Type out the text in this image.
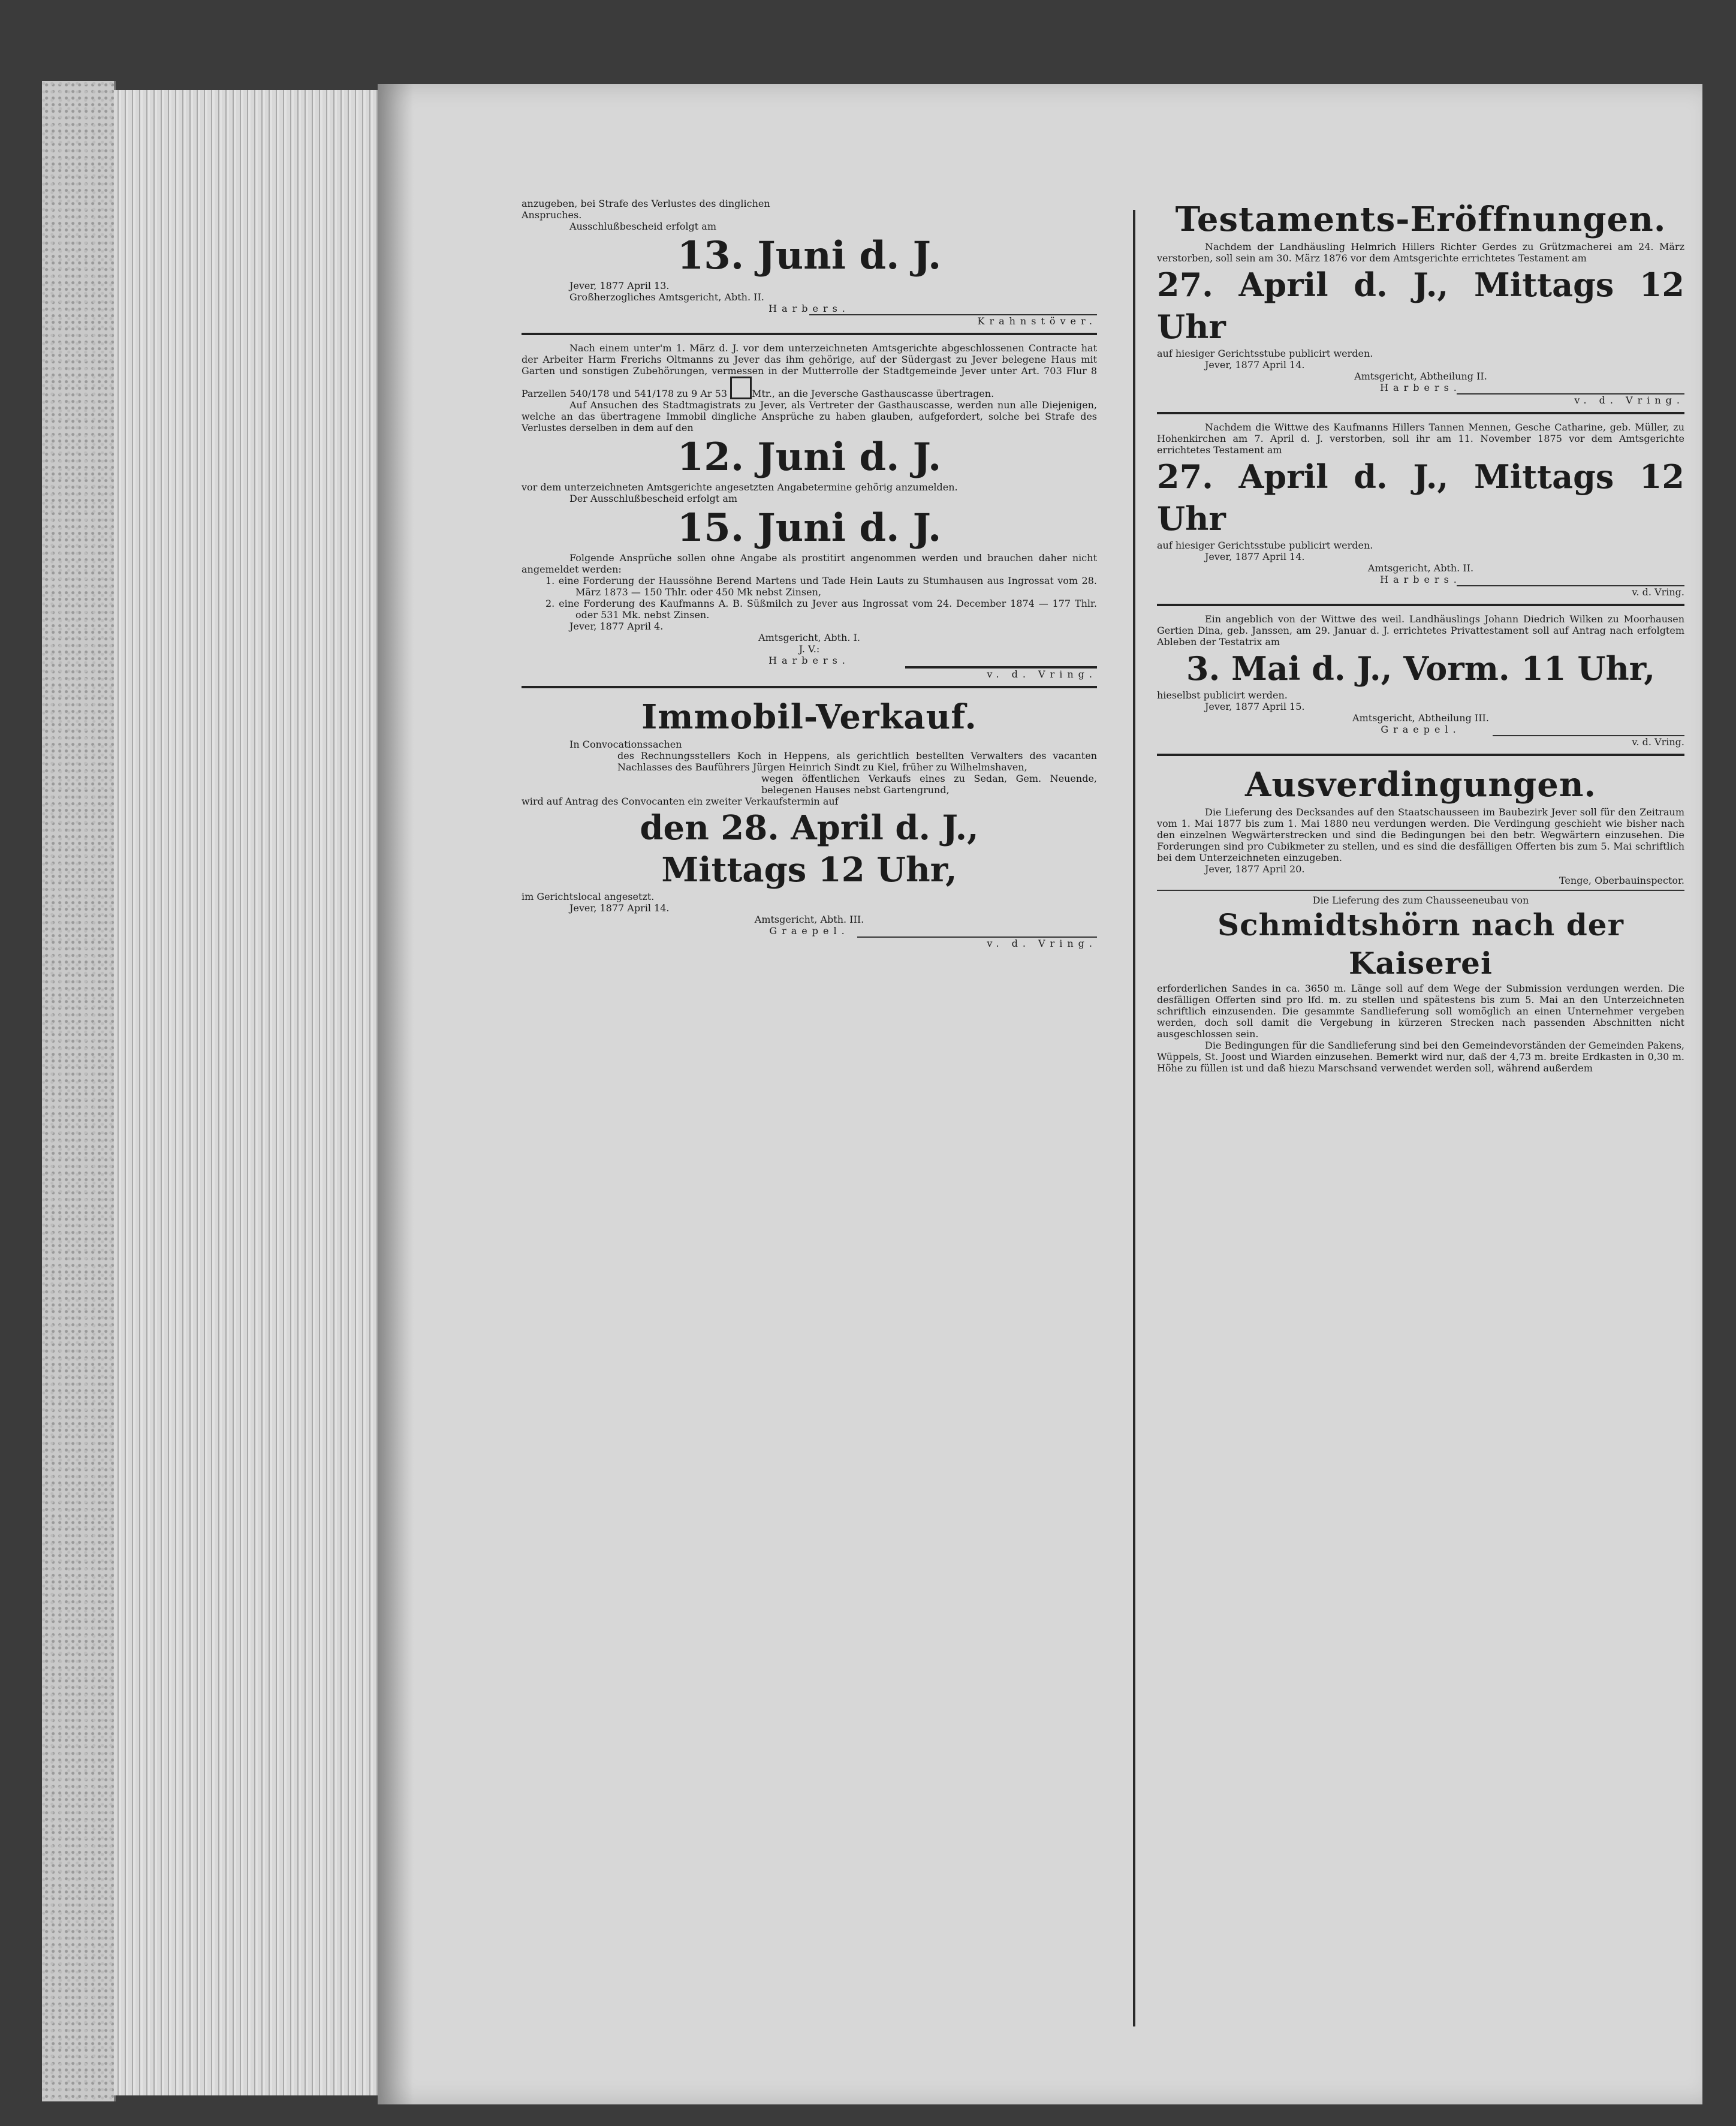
anzugeben, bei Strafe des Verlustes des dinglichen

Anspruches.

Ausschlußbescheid erfolgt am

13. Juni d. J.

Jever, 1877 April 13.

Großherzogliches Amtsgericht, Abth. II.

Harbers.

Krahnstöver.

Nach einem unter'm 1. März d. J. vor dem unterzeichneten Amtsgerichte abgeschlossenen Contracte hat der Arbeiter Harm Frerichs Oltmanns zu Jever das ihm gehörige, auf der Südergast zu Jever belegene Haus mit Garten und sonstigen Zubehörungen, vermessen in der Mutterrolle der Stadtgemeinde Jever unter Art. 703 Flur 8 Parzellen 540/178 und 541/178 zu 9 Ar 53	Mtr., an die Jeversche Gasthauscasse übertragen.

Auf Ansuchen des Stadtmagistrats zu Jever, als Vertreter der Gasthauscasse, werden nun alle Diejenigen, welche an das übertragene Immobil dingliche Ansprüche zu haben glauben, aufgefordert, solche bei Strafe des Verlustes derselben in dem auf den

12. Juni d. J.

vor dem unterzeichneten Amtsgerichte angesetzten Angabetermine gehörig anzumelden.

Der Ausschlußbescheid erfolgt am

15. Juni d. J.

Folgende Ansprüche sollen ohne Angabe als prostitirt angenommen werden und brauchen daher nicht angemeldet werden:

1. eine Forderung der Haussöhne Berend Martens und Tade Hein Lauts zu Stumhausen aus Ingrossat vom 28. März 1873 — 150 Thlr. oder 450 Mk nebst Zinsen,

2. eine Forderung des Kaufmanns A. B. Süßmilch zu Jever aus Ingrossat vom 24. December 1874 — 177 Thlr. oder 531 Mk. nebst Zinsen.

Jever, 1877 April 4.

Amtsgericht, Abth. I.

J. V.:

Harbers.

v. d. Vring.

Immobil-Verkauf.

In Convocationssachen

des Rechnungsstellers Koch in Heppens, als gerichtlich bestellten Verwalters des vacanten Nachlasses des Bauführers Jürgen Heinrich Sindt zu Kiel, früher zu Wilhelmshaven,

wegen öffentlichen Verkaufs eines zu Sedan, Gem. Neuende, belegenen Hauses nebst Gartengrund,

wird auf Antrag des Convocanten ein zweiter Verkaufstermin auf

den 28. April d. J.,

Mittags 12 Uhr,

im Gerichtslocal angesetzt.

Jever, 1877 April 14.

Amtsgericht, Abth. III.

Graepel.

v. d. Vring.

Testaments-Eröffnungen.

Nachdem der Landhäusling Helmrich Hillers Richter Gerdes zu Grützmacherei am 24. März verstorben, soll sein am 30. März 1876 vor dem Amtsgerichte errichtetes Testament am

27. April d. J., Mittags 12 Uhr

auf hiesiger Gerichtsstube publicirt werden.

Jever, 1877 April 14.

Amtsgericht, Abtheilung II.

Harbers.

v. d. Vring.

Nachdem die Wittwe des Kaufmanns Hillers Tannen Mennen, Gesche Catharine, geb. Müller, zu Hohenkirchen am 7. April d. J. verstorben, soll ihr am 11. November 1875 vor dem Amtsgerichte errichtetes Testament am

27. April d. J., Mittags 12 Uhr

auf hiesiger Gerichtsstube publicirt werden.

Jever, 1877 April 14.

Amtsgericht, Abth. II.

Harbers.

v. d. Vring.

Ein angeblich von der Wittwe des weil. Landhäuslings Johann Diedrich Wilken zu Moorhausen Gertien Dina, geb. Janssen, am 29. Januar d. J. errichtetes Privattestament soll auf Antrag nach erfolgtem Ableben der Testatrix am

3. Mai d. J., Vorm. 11 Uhr,

hieselbst publicirt werden.

Jever, 1877 April 15.

Amtsgericht, Abtheilung III.

Graepel.

v. d. Vring.

Ausverdingungen.

Die Lieferung des Decksandes auf den Staatschausseen im Baubezirk Jever soll für den Zeitraum vom 1. Mai 1877 bis zum 1. Mai 1880 neu verdungen werden. Die Verdingung geschieht wie bisher nach den einzelnen Wegwärterstrecken und sind die Bedingungen bei den betr. Wegwärtern einzusehen. Die Forderungen sind pro Cubikmeter zu stellen, und es sind die desfälligen Offerten bis zum 5. Mai schriftlich bei dem Unterzeichneten einzugeben.

Jever, 1877 April 20.

Tenge, Oberbauinspector.

Die Lieferung des zum Chausseeneubau von

Schmidtshörn nach der Kaiserei

erforderlichen Sandes in ca. 3650 m. Länge soll auf dem Wege der Submission verdungen werden. Die desfälligen Offerten sind pro lfd. m. zu stellen und spätestens bis zum 5. Mai an den Unterzeichneten schriftlich einzusenden. Die gesammte Sandlieferung soll womöglich an einen Unternehmer vergeben werden, doch soll damit die Vergebung in kürzeren Strecken nach passenden Abschnitten nicht ausgeschlossen sein.

Die Bedingungen für die Sandlieferung sind bei den Gemeindevorständen der Gemeinden Pakens, Wüppels, St. Joost und Wiarden einzusehen. Bemerkt wird nur, daß der 4,73 m. breite Erdkasten in 0,30 m. Höhe zu füllen ist und daß hiezu Marschsand verwendet werden soll, während außerdem
